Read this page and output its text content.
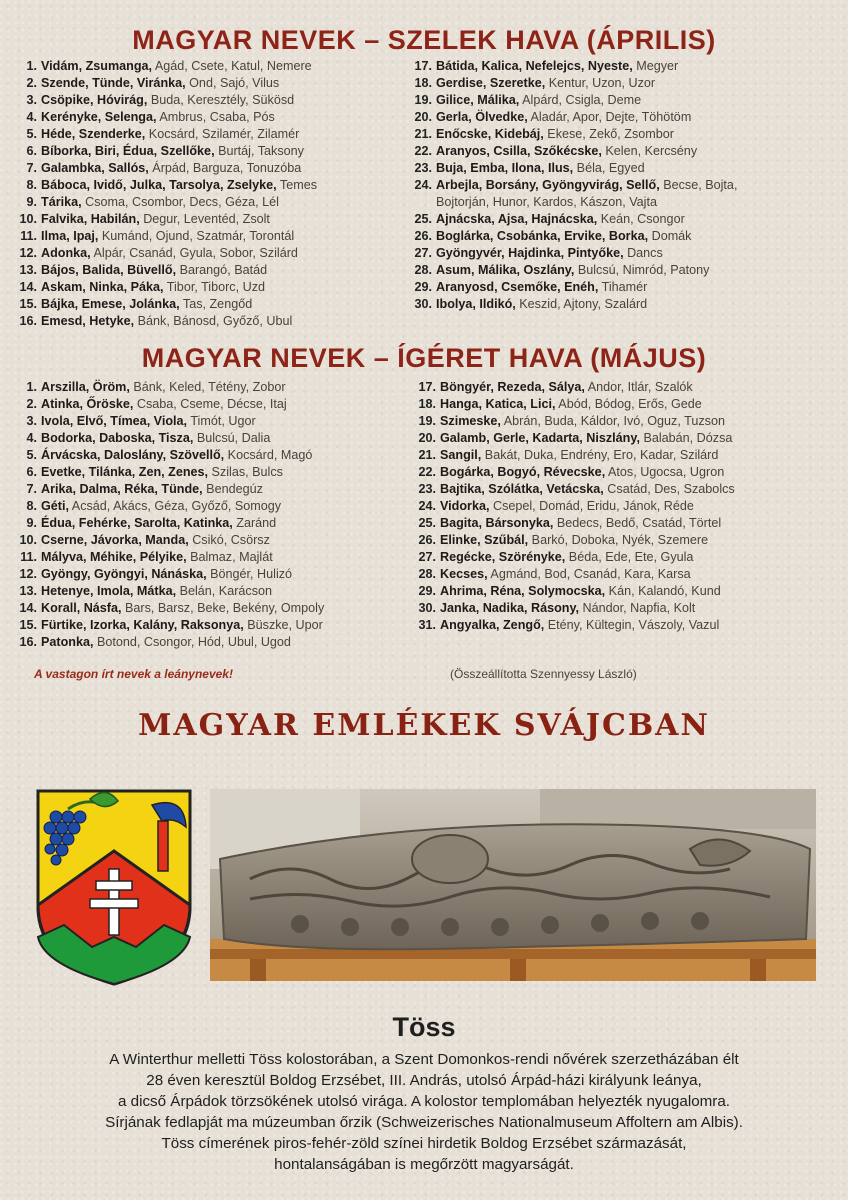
MAGYAR NEVEK – SZELEK HAVA (ÁPRILIS)
1. Vidám, Zsumanga, Agád, Csete, Katul, Nemere
2. Szende, Tünde, Viránka, Ond, Sajó, Vilus
3. Csöpike, Hóvirág, Buda, Keresztély, Sükösd
4. Kerényke, Selenga, Ambrus, Csaba, Pós
5. Héde, Szenderke, Kocsárd, Szilamér, Zilamér
6. Bíborka, Biri, Édua, Szellőke, Burtáj, Taksony
7. Galambka, Sallós, Árpád, Barguza, Tonuzóba
8. Báboca, Ividő, Julka, Tarsolya, Zselyke, Temes
9. Tárika, Csoma, Csombor, Decs, Géza, Lél
10. Falvika, Habilán, Degur, Leventéd, Zsolt
11. Ilma, Ipaj, Kumánd, Ojund, Szatmár, Torontál
12. Adonka, Alpár, Csanád, Gyula, Sobor, Szilárd
13. Bájos, Balida, Büvellő, Barangó, Batád
14. Askam, Ninka, Páka, Tibor, Tiborc, Uzd
15. Bájka, Emese, Jolánka, Tas, Zengőd
16. Emesd, Hetyke, Bánk, Bánosd, Győző, Ubul
17. Bátida, Kalica, Nefelejcs, Nyeste, Megyer
18. Gerdise, Szeretke, Kentur, Uzon, Uzor
19. Gilice, Málika, Alpárd, Csigla, Deme
20. Gerla, Ölvedke, Aladár, Apor, Dejte, Töhötöm
21. Enőcske, Kidebáj, Ekese, Zekő, Zsombor
22. Aranyos, Csilla, Szőkécske, Kelen, Kercsény
23. Buja, Emba, Ilona, Ilus, Béla, Egyed
24. Arbejla, Borsány, Gyöngyvirág, Sellő, Becse, Bojta,
Bojtorján, Hunor, Kardos, Kászon, Vajta
25. Ajnácska, Ajsa, Hajnácska, Keán, Csongor
26. Boglárka, Csobánka, Ervike, Borka, Domák
27. Gyöngyvér, Hajdinka, Pintyőke, Dancs
28. Asum, Málika, Oszlány, Bulcsú, Nimród, Patony
29. Aranyosd, Csemőke, Enéh, Tihamér
30. Ibolya, Ildikó, Keszid, Ajtony, Szalárd
MAGYAR NEVEK – ÍGÉRET HAVA (MÁJUS)
1. Arszilla, Öröm, Bánk, Keled, Tétény, Zobor
2. Atinka, Őröske, Csaba, Cseme, Décse, Itaj
3. Ivola, Elvő, Tímea, Viola, Timót, Ugor
4. Bodorka, Daboska, Tisza, Bulcsú, Dalia
5. Árvácska, Daloslány, Szövellő, Kocsárd, Magó
6. Evetke, Tilánka, Zen, Zenes, Szilas, Bulcs
7. Arika, Dalma, Réka, Tünde, Bendegúz
8. Géti, Acsád, Akács, Géza, Győző, Somogy
9. Édua, Fehérke, Sarolta, Katinka, Zaránd
10. Cserne, Jávorka, Manda, Csikó, Csörsz
11. Mályva, Méhike, Pélyike, Balmaz, Majlát
12. Gyöngy, Gyöngyi, Nánáska, Böngér, Hulizó
13. Hetenye, Imola, Mátka, Belán, Karácson
14. Korall, Násfa, Bars, Barsz, Beke, Bekény, Ompoly
15. Fürtike, Izorka, Kalány, Raksonya, Büszke, Upor
16. Patonka, Botond, Csongor, Hód, Ubul, Ugod
17. Böngyér, Rezeda, Sálya, Andor, Itlár, Szalók
18. Hanga, Katica, Lici, Abód, Bódog, Erős, Gede
19. Szimeske, Abrán, Buda, Káldor, Ivó, Oguz, Tuzson
20. Galamb, Gerle, Kadarta, Niszlány, Balabán, Dózsa
21. Sangil, Bakát, Duka, Endrény, Ero, Kadar, Szilárd
22. Bogárka, Bogyó, Révecske, Atos, Ugocsa, Ugron
23. Bajtika, Szólátka, Vetácska, Csatád, Des, Szabolcs
24. Vidorka, Csepel, Domád, Eridu, Jánok, Réde
25. Bagita, Bársonyka, Bedecs, Bedő, Csatád, Törtel
26. Elinke, Szűbál, Barkó, Doboka, Nyék, Szemere
27. Regécke, Szörényke, Béda, Ede, Ete, Gyula
28. Kecses, Agmánd, Bod, Csanád, Kara, Karsa
29. Ahrima, Réna, Solymocska, Kán, Kalandó, Kund
30. Janka, Nadika, Rásony, Nándor, Napfia, Kolt
31. Angyalka, Zengő, Etény, Kültegin, Vászoly, Vazul
A vastagon írt nevek a leánynevek!	(Összeállította Szennyessy László)
MAGYAR EMLÉKEK SVÁJCBAN
Töss
A Winterthur melletti Töss kolostorában, a Szent Domonkos-rendi nővérek szerzetházában élt
28 éven keresztül Boldog Erzsébet, III. András, utolsó Árpád-házi királyunk leánya,
a dicső Árpádok törzsökének utolsó virága. A kolostor templomában helyezték nyugalomra.
Sírjának fedlapját ma múzeumban őrzik (Schweizerisches Nationalmuseum Affoltern am Albis).
Töss címerének piros-fehér-zöld színei hirdetik Boldog Erzsébet származását,
hontalanságában is megőrzött magyarságát.
